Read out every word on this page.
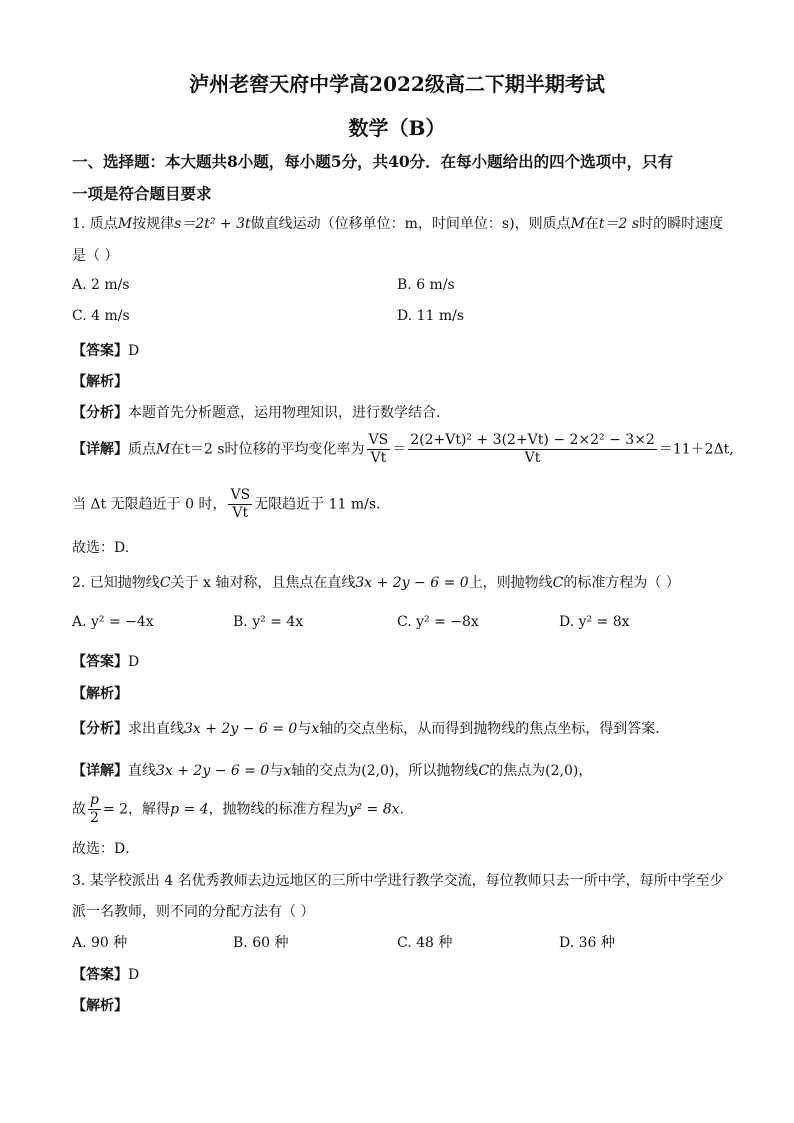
泸州老窖天府中学高2022级高二下期半期考试
数学（B）
一、选择题：本大题共8小题，每小题5分，共40分．在每小题给出的四个选项中，只有
一项是符合题目要求
1. 质点M按规律s＝2t² + 3t做直线运动（位移单位：m，时间单位：s)，则质点M在t＝2 s时的瞬时速度
是（ ）
A. 2 m/s	B. 6 m/s
C. 4 m/s	D. 11 m/s
【答案】D
【解析】
【分析】本题首先分析题意，运用物理知识，进行数学结合.
【详解】质点M在t＝2 s时位移的平均变化率为 $\frac{VS}{Vt} = \frac{\text{2(2+Vt)² + 3(2+Vt) − 2×2² − 3×2}}{Vt} =11+2\Delta t$,
当 Δt 无限趋近于 0 时， $\frac{VS}{Vt}$ 无限趋近于 11 m/s.
故选：D.
2. 已知抛物线C关于 x 轴对称，且焦点在直线3x + 2y − 6 = 0上，则抛物线C的标准方程为（ ）
A. y² = −4x	B. y² = 4x	C. y² = −8x	D. y² = 8x
【答案】D
【解析】
【分析】求出直线3x + 2y − 6 = 0与x轴的交点坐标，从而得到抛物线的焦点坐标，得到答案.
【详解】直线3x + 2y − 6 = 0与x轴的交点为(2,0)，所以抛物线C的焦点为(2,0)，
故 $\frac{p}{2} = 2$，解得p = 4，抛物线的标准方程为y² = 8x.
故选：D．
3. 某学校派出 4 名优秀教师去边远地区的三所中学进行教学交流，每位教师只去一所中学，每所中学至少
派一名教师，则不同的分配方法有（ ）
A. 90 种	B. 60 种	C. 48 种	D. 36 种
【答案】D
【解析】
